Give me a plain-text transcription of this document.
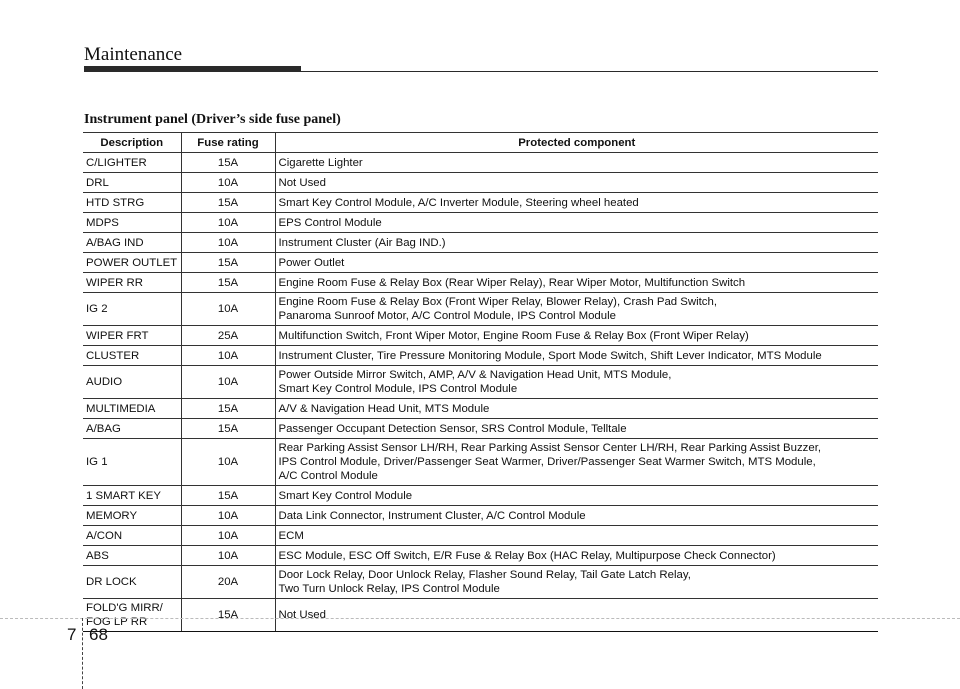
Maintenance
Instrument panel (Driver’s side fuse panel)
Description	Fuse rating	Protected component
C/LIGHTER	15A	Cigarette Lighter
DRL	10A	Not Used
HTD STRG	15A	Smart Key Control Module, A/C Inverter Module, Steering wheel heated
MDPS	10A	EPS Control Module
A/BAG IND	10A	Instrument Cluster (Air Bag IND.)
POWER OUTLET	15A	Power Outlet
WIPER RR	15A	Engine Room Fuse & Relay Box (Rear Wiper Relay), Rear Wiper Motor, Multifunction Switch
IG 2	10A	Engine Room Fuse & Relay Box (Front Wiper Relay, Blower Relay), Crash Pad Switch,
Panaroma Sunroof Motor, A/C Control Module, IPS Control Module
WIPER FRT	25A	Multifunction Switch, Front Wiper Motor, Engine Room Fuse & Relay Box (Front Wiper Relay)
CLUSTER	10A	Instrument Cluster, Tire Pressure Monitoring Module, Sport Mode Switch, Shift Lever Indicator, MTS Module
AUDIO	10A	Power Outside Mirror Switch, AMP, A/V & Navigation Head Unit, MTS Module,
Smart Key Control Module, IPS Control Module
MULTIMEDIA	15A	A/V & Navigation Head Unit, MTS Module
A/BAG	15A	Passenger Occupant Detection Sensor, SRS Control Module, Telltale
IG 1	10A	Rear Parking Assist Sensor LH/RH, Rear Parking Assist Sensor Center LH/RH, Rear Parking Assist Buzzer,
IPS Control Module, Driver/Passenger Seat Warmer, Driver/Passenger Seat Warmer Switch, MTS Module,
A/C Control Module
1 SMART KEY	15A	Smart Key Control Module
MEMORY	10A	Data Link Connector, Instrument Cluster, A/C Control Module
A/CON	10A	ECM
ABS	10A	ESC Module, ESC Off Switch, E/R Fuse & Relay Box (HAC Relay, Multipurpose Check Connector)
DR LOCK	20A	Door Lock Relay, Door Unlock Relay, Flasher Sound Relay, Tail Gate Latch Relay,
Two Turn Unlock Relay, IPS Control Module
FOLD'G MIRR/
FOG LP RR	15A	Not Used
7 68
